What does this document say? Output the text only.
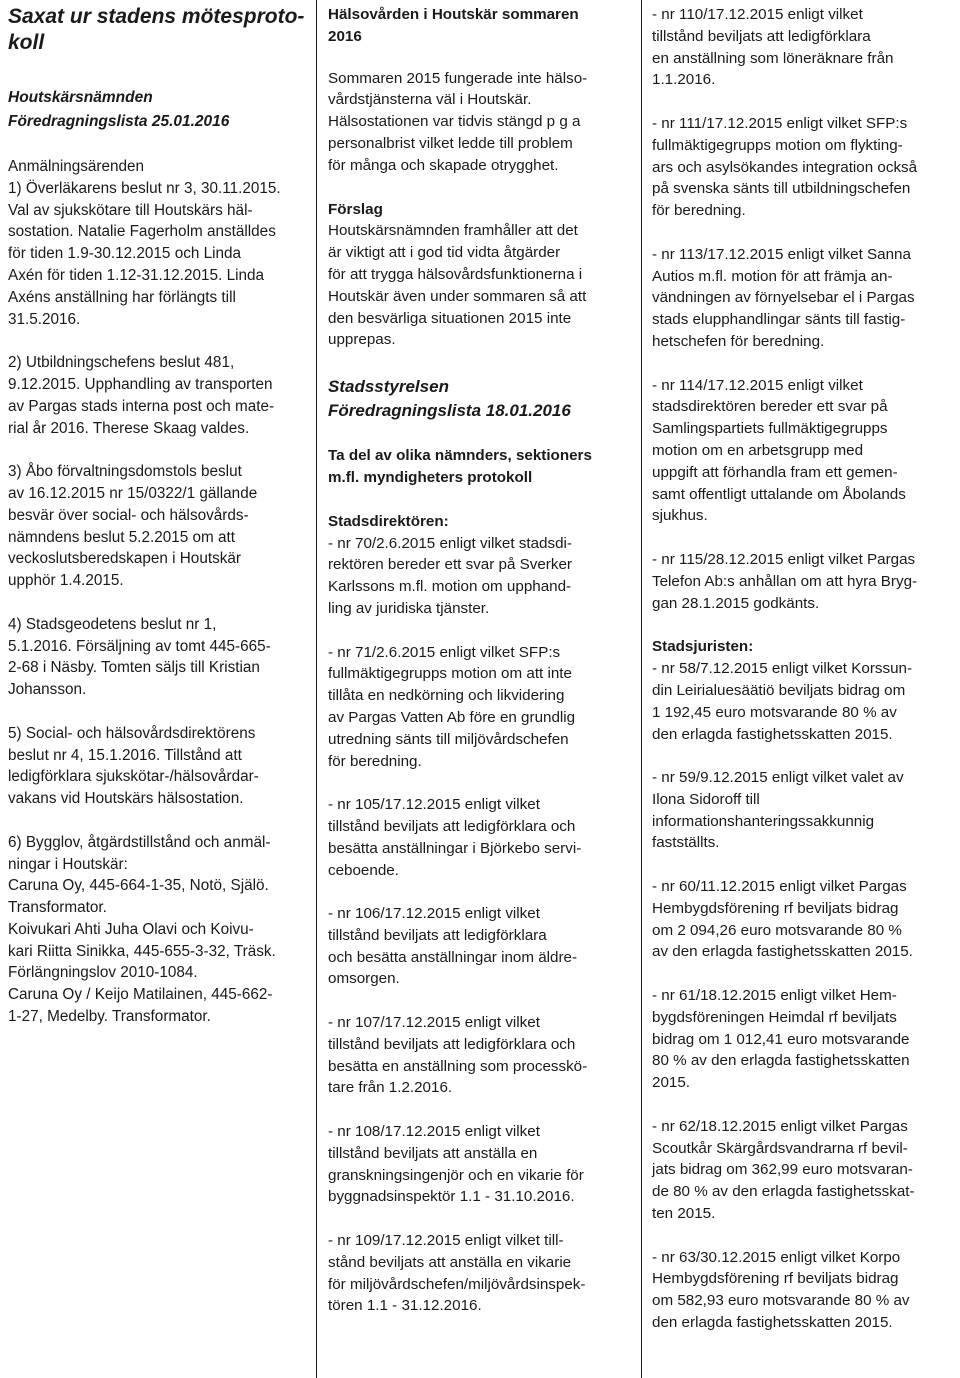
Saxat ur stadens mötesproto-
koll
Houtskärsnämnden
Föredragningslista 25.01.2016
Anmälningsärenden
1) Överläkarens beslut nr 3, 30.11.2015.
Val av sjukskötare till Houtskärs häl-
sostation. Natalie Fagerholm anställdes
för tiden 1.9-30.12.2015 och Linda
Axén för tiden 1.12-31.12.2015. Linda
Axéns anställning har förlängts till
31.5.2016.
2) Utbildningschefens beslut 481,
9.12.2015. Upphandling av transporten
av Pargas stads interna post och mate-
rial år 2016. Therese Skaag valdes.
3) Åbo förvaltningsdomstols beslut
av 16.12.2015 nr 15/0322/1 gällande
besvär över social- och hälsovårds-
nämndens beslut 5.2.2015 om att
veckoslutsberedskapen i Houtskär
upphör 1.4.2015.
4) Stadsgeodetens beslut nr 1,
5.1.2016. Försäljning av tomt 445-665-
2-68 i Näsby. Tomten säljs till Kristian
Johansson.
5) Social- och hälsovårdsdirektörens
beslut nr 4, 15.1.2016. Tillstånd att
ledigförklara sjukskötar-/hälsovårdar-
vakans vid Houtskärs hälsostation.
6) Bygglov, åtgärdstillstånd och anmäl-
ningar i Houtskär:
Caruna Oy, 445-664-1-35, Notö, Själö.
Transformator.
Koivukari Ahti Juha Olavi och Koivu-
kari Riitta Sinikka, 445-655-3-32, Träsk.
Förlängningslov 2010-1084.
Caruna Oy / Keijo Matilainen, 445-662-
1-27, Medelby. Transformator.
Hälsovården i Houtskär sommaren
2016
Sommaren 2015 fungerade inte hälso-
vårdstjänsterna väl i Houtskär.
Hälsostationen var tidvis stängd p g a
personalbrist vilket ledde till problem
för många och skapade otrygghet.
Förslag
Houtskärsnämnden framhåller att det
är viktigt att i god tid vidta åtgärder
för att trygga hälsovårdsfunktionerna i
Houtskär även under sommaren så att
den besvärliga situationen 2015 inte
upprepas.
Stadsstyrelsen
Föredragningslista 18.01.2016
Ta del av olika nämnders, sektioners
m.fl. myndigheters protokoll
Stadsdirektören:
- nr 70/2.6.2015 enligt vilket stadsdi-
rektören bereder ett svar på Sverker
Karlssons m.fl. motion om upphand-
ling av juridiska tjänster.
- nr 71/2.6.2015 enligt vilket SFP:s
fullmäktigegrupps motion om att inte
tillåta en nedkörning och likvidering
av Pargas Vatten Ab före en grundlig
utredning sänts till miljövårdschefen
för beredning.
- nr 105/17.12.2015 enligt vilket
tillstånd beviljats att ledigförklara och
besätta anställningar i Björkebo servi-
ceboende.
- nr 106/17.12.2015 enligt vilket
tillstånd beviljats att ledigförklara
och besätta anställningar inom äldre-
omsorgen.
- nr 107/17.12.2015 enligt vilket
tillstånd beviljats att ledigförklara och
besätta en anställning som processkö-
tare från 1.2.2016.
- nr 108/17.12.2015 enligt vilket
tillstånd beviljats att anställa en
granskningsingenjör och en vikarie för
byggnadsinspektör 1.1 - 31.10.2016.
- nr 109/17.12.2015 enligt vilket till-
stånd beviljats att anställa en vikarie
för miljövårdschefen/miljövårdsinspek-
tören 1.1 - 31.12.2016.
- nr 110/17.12.2015 enligt vilket
tillstånd beviljats att ledigförklara
en anställning som löneräknare från
1.1.2016.
- nr 111/17.12.2015 enligt vilket SFP:s
fullmäktigegrupps motion om flykting-
ars och asylsökandes integration också
på svenska sänts till utbildningschefen
för beredning.
- nr 113/17.12.2015 enligt vilket Sanna
Autios m.fl. motion för att främja an-
vändningen av förnyelsebar el i Pargas
stads elupphandlingar sänts till fastig-
hetschefen för beredning.
- nr 114/17.12.2015 enligt vilket
stadsdirektören bereder ett svar på
Samlingspartiets fullmäktigegrupps
motion om en arbetsgrupp med
uppgift att förhandla fram ett gemen-
samt offentligt uttalande om Åbolands
sjukhus.
- nr 115/28.12.2015 enligt vilket Pargas
Telefon Ab:s anhållan om att hyra Bryg-
gan 28.1.2015 godkänts.
Stadsjuristen:
- nr 58/7.12.2015 enligt vilket Korssun-
din Leirialuesäätiö beviljats bidrag om
1 192,45 euro motsvarande 80 % av
den erlagda fastighetsskatten 2015.
- nr 59/9.12.2015 enligt vilket valet av
Ilona Sidoroff till
informationshanteringssakkunnig
fastställts.
- nr 60/11.12.2015 enligt vilket Pargas
Hembygdsförening rf beviljats bidrag
om 2 094,26 euro motsvarande 80 %
av den erlagda fastighetsskatten 2015.
- nr 61/18.12.2015 enligt vilket Hem-
bygdsföreningen Heimdal rf beviljats
bidrag om 1 012,41 euro motsvarande
80 % av den erlagda fastighetsskatten
2015.
- nr 62/18.12.2015 enligt vilket Pargas
Scoutkår Skärgårdsvandrarna rf bevil-
jats bidrag om 362,99 euro motsvaran-
de 80 % av den erlagda fastighetsskat-
ten 2015.
- nr 63/30.12.2015 enligt vilket Korpo
Hembygdsförening rf beviljats bidrag
om 582,93 euro motsvarande 80 % av
den erlagda fastighetsskatten 2015.
